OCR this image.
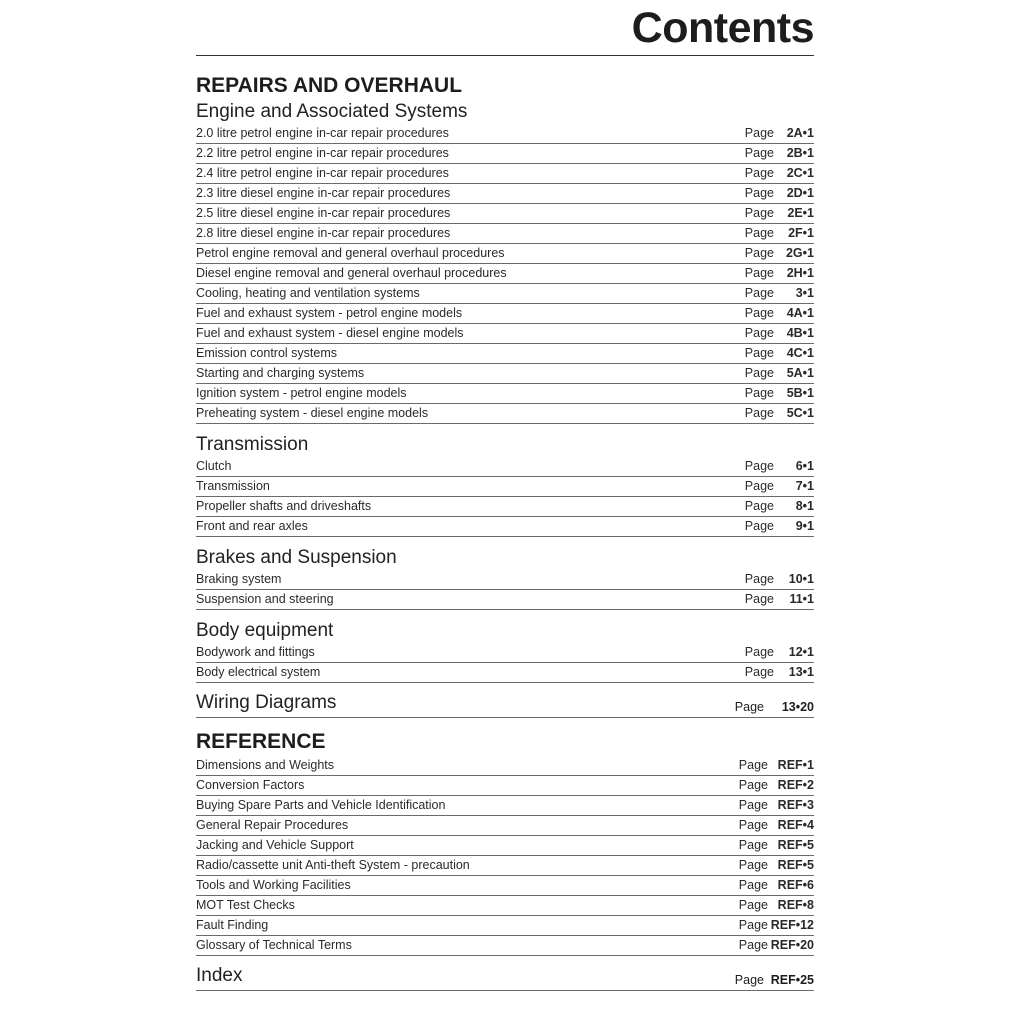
Contents
REPAIRS AND OVERHAUL
Engine and Associated Systems
2.0 litre petrol engine in-car repair procedures	Page 2A•1
2.2 litre petrol engine in-car repair procedures	Page 2B•1
2.4 litre petrol engine in-car repair procedures	Page 2C•1
2.3 litre diesel engine in-car repair procedures	Page 2D•1
2.5 litre diesel engine in-car repair procedures	Page 2E•1
2.8 litre diesel engine in-car repair procedures	Page 2F•1
Petrol engine removal and general overhaul procedures	Page 2G•1
Diesel engine removal and general overhaul procedures	Page 2H•1
Cooling, heating and ventilation systems	Page 3•1
Fuel and exhaust system - petrol engine models	Page 4A•1
Fuel and exhaust system - diesel engine models	Page 4B•1
Emission control systems	Page 4C•1
Starting and charging systems	Page 5A•1
Ignition system - petrol engine models	Page 5B•1
Preheating system - diesel engine models	Page 5C•1
Transmission
Clutch	Page 6•1
Transmission	Page 7•1
Propeller shafts and driveshafts	Page 8•1
Front and rear axles	Page 9•1
Brakes and Suspension
Braking system	Page 10•1
Suspension and steering	Page 11•1
Body equipment
Bodywork and fittings	Page 12•1
Body electrical system	Page 13•1
Wiring Diagrams	Page 13•20
REFERENCE
Dimensions and Weights	Page REF•1
Conversion Factors	Page REF•2
Buying Spare Parts and Vehicle Identification	Page REF•3
General Repair Procedures	Page REF•4
Jacking and Vehicle Support	Page REF•5
Radio/cassette unit Anti-theft System - precaution	Page REF•5
Tools and Working Facilities	Page REF•6
MOT Test Checks	Page REF•8
Fault Finding	Page REF•12
Glossary of Technical Terms	Page REF•20
Index	Page REF•25
